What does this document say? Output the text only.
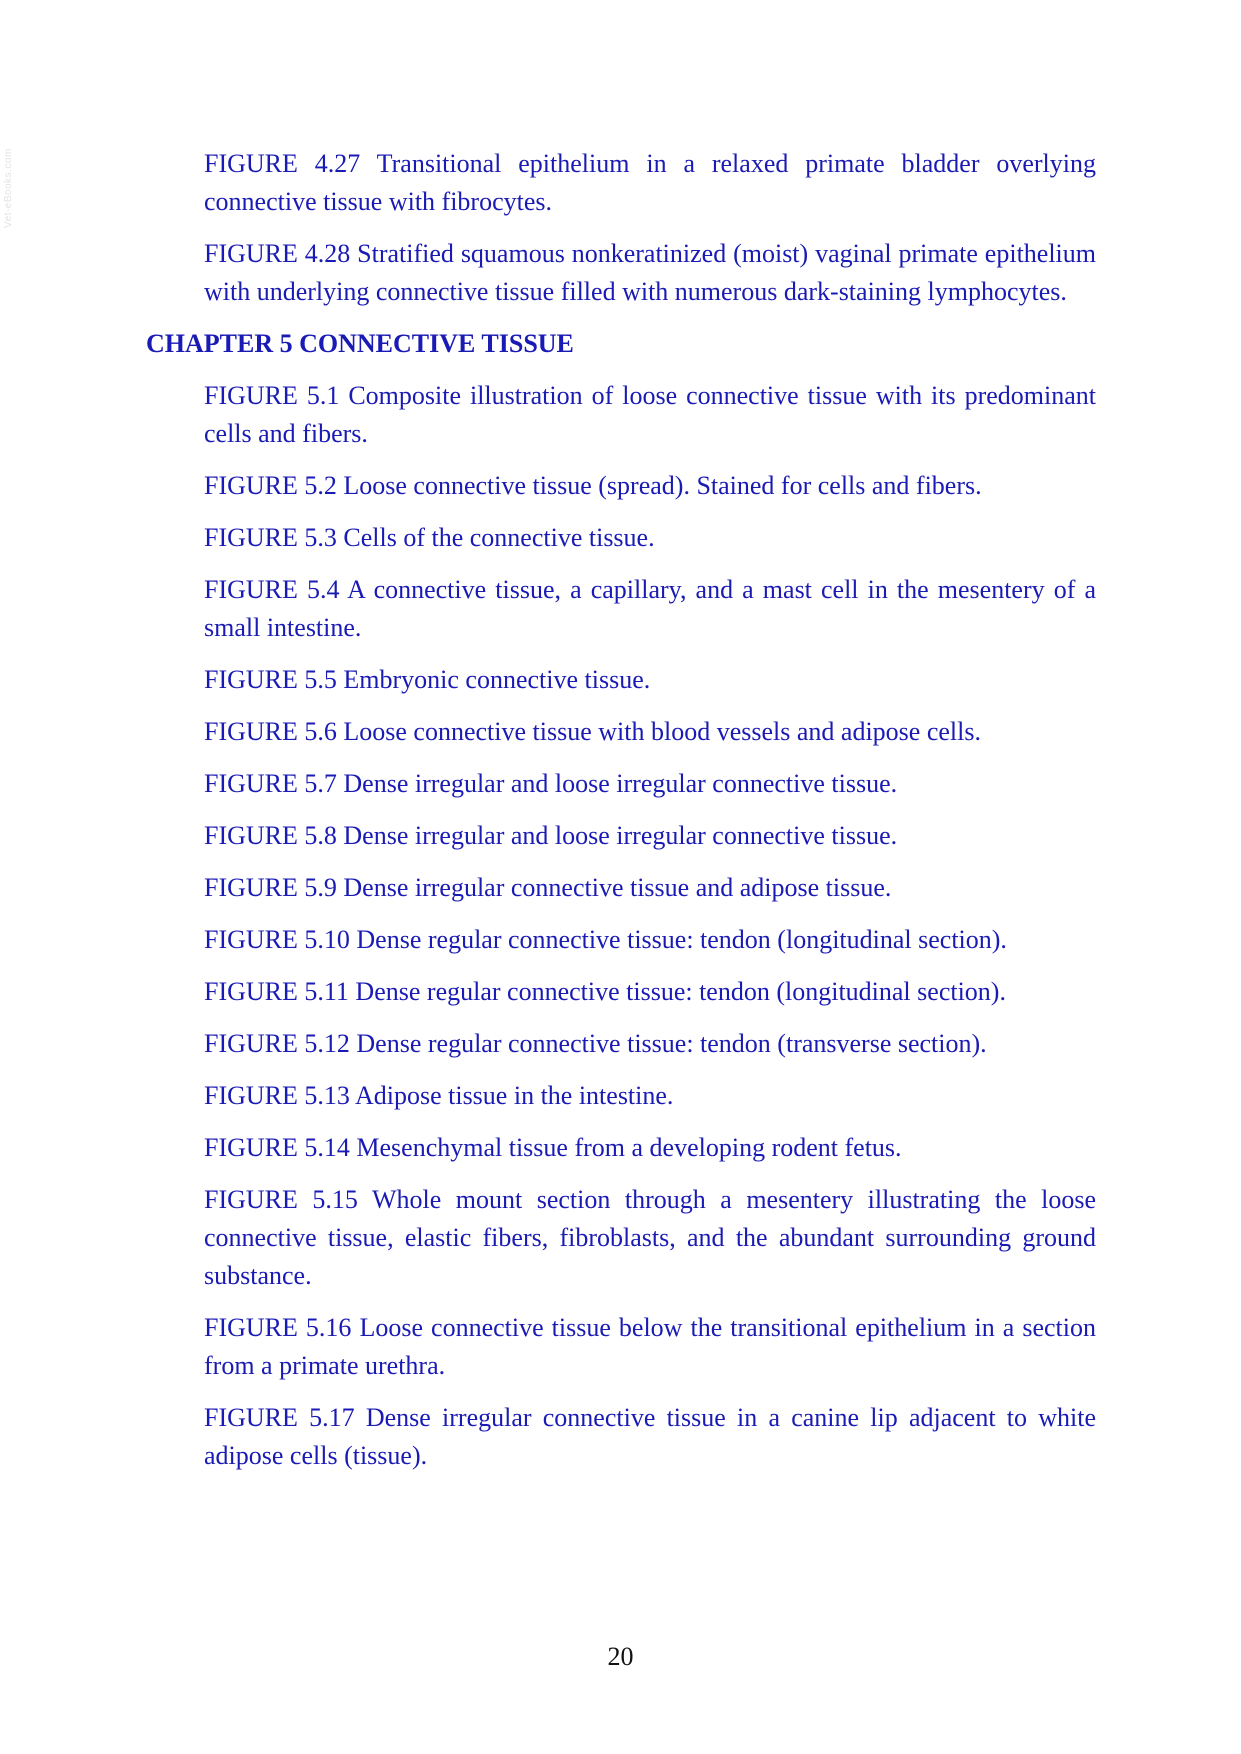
Vet-eBooks.com	FIGURE 4.27 Transitional epithelium in a relaxed primate bladder overlying connective tissue with fibrocytes.
FIGURE 4.28 Stratified squamous nonkeratinized (moist) vaginal primate epithelium with underlying connective tissue filled with numerous dark-staining lymphocytes.
CHAPTER 5 CONNECTIVE TISSUE
FIGURE 5.1 Composite illustration of loose connective tissue with its predominant cells and fibers.
FIGURE 5.2 Loose connective tissue (spread). Stained for cells and fibers.
FIGURE 5.3 Cells of the connective tissue.
FIGURE 5.4 A connective tissue, a capillary, and a mast cell in the mesentery of a small intestine.
FIGURE 5.5 Embryonic connective tissue.
FIGURE 5.6 Loose connective tissue with blood vessels and adipose cells.
FIGURE 5.7 Dense irregular and loose irregular connective tissue.
FIGURE 5.8 Dense irregular and loose irregular connective tissue.
FIGURE 5.9 Dense irregular connective tissue and adipose tissue.
FIGURE 5.10 Dense regular connective tissue: tendon (longitudinal section).
FIGURE 5.11 Dense regular connective tissue: tendon (longitudinal section).
FIGURE 5.12 Dense regular connective tissue: tendon (transverse section).
FIGURE 5.13 Adipose tissue in the intestine.
FIGURE 5.14 Mesenchymal tissue from a developing rodent fetus.
FIGURE 5.15 Whole mount section through a mesentery illustrating the loose connective tissue, elastic fibers, fibroblasts, and the abundant surrounding ground substance.
FIGURE 5.16 Loose connective tissue below the transitional epithelium in a section from a primate urethra.
FIGURE 5.17 Dense irregular connective tissue in a canine lip adjacent to white adipose cells (tissue).
20
